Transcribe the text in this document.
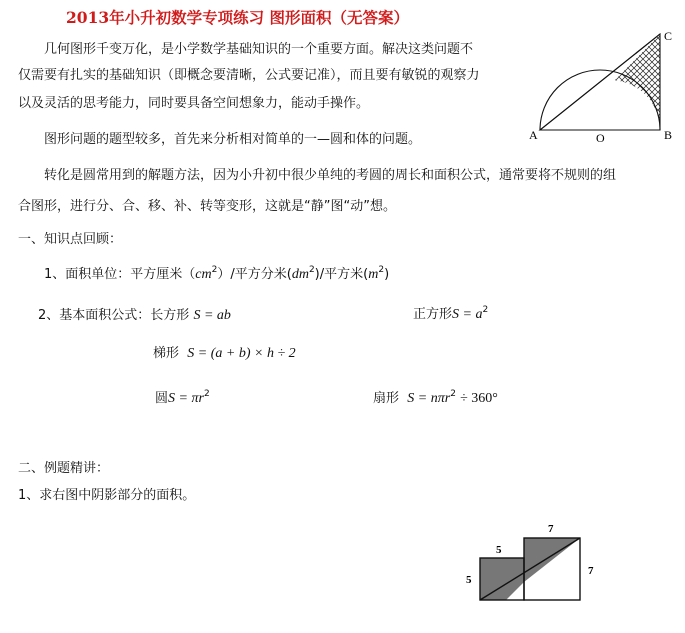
2013年小升初数学专项练习 图形面积（无答案）
几何图形千变万化，是小学数学基础知识的一个重要方面。解决这类问题不
仅需要有扎实的基础知识（即概念要清晰，公式要记准），而且要有敏锐的观察力
以及灵活的思考能力，同时要具备空间想象力，能动手操作。
图形问题的题型较多，首先来分析相对简单的一—圆和体的问题。
转化是圆常用到的解题方法，因为小升初中很少单纯的考圆的周长和面积公式，通常要将不规则的组
合图形，进行分、合、移、补、转等变形，这就是“静”图“动”想。
一、知识点回顾：
1、面积单位：平方厘米$(cm^2)/$平方分米$(dm^2)/$平方米$(m^2)$
2、基本面积公式：长方形 S = ab	正方形$S = a^2$
梯形 S = (a + b) × h ÷ 2
圆$S = \pi r^2$	扇形 S = nπr$^2$ ÷ 360°
二、例题精讲：
1、求右图中阴影部分的面积。
A	O	B
C
7
5
5
7
